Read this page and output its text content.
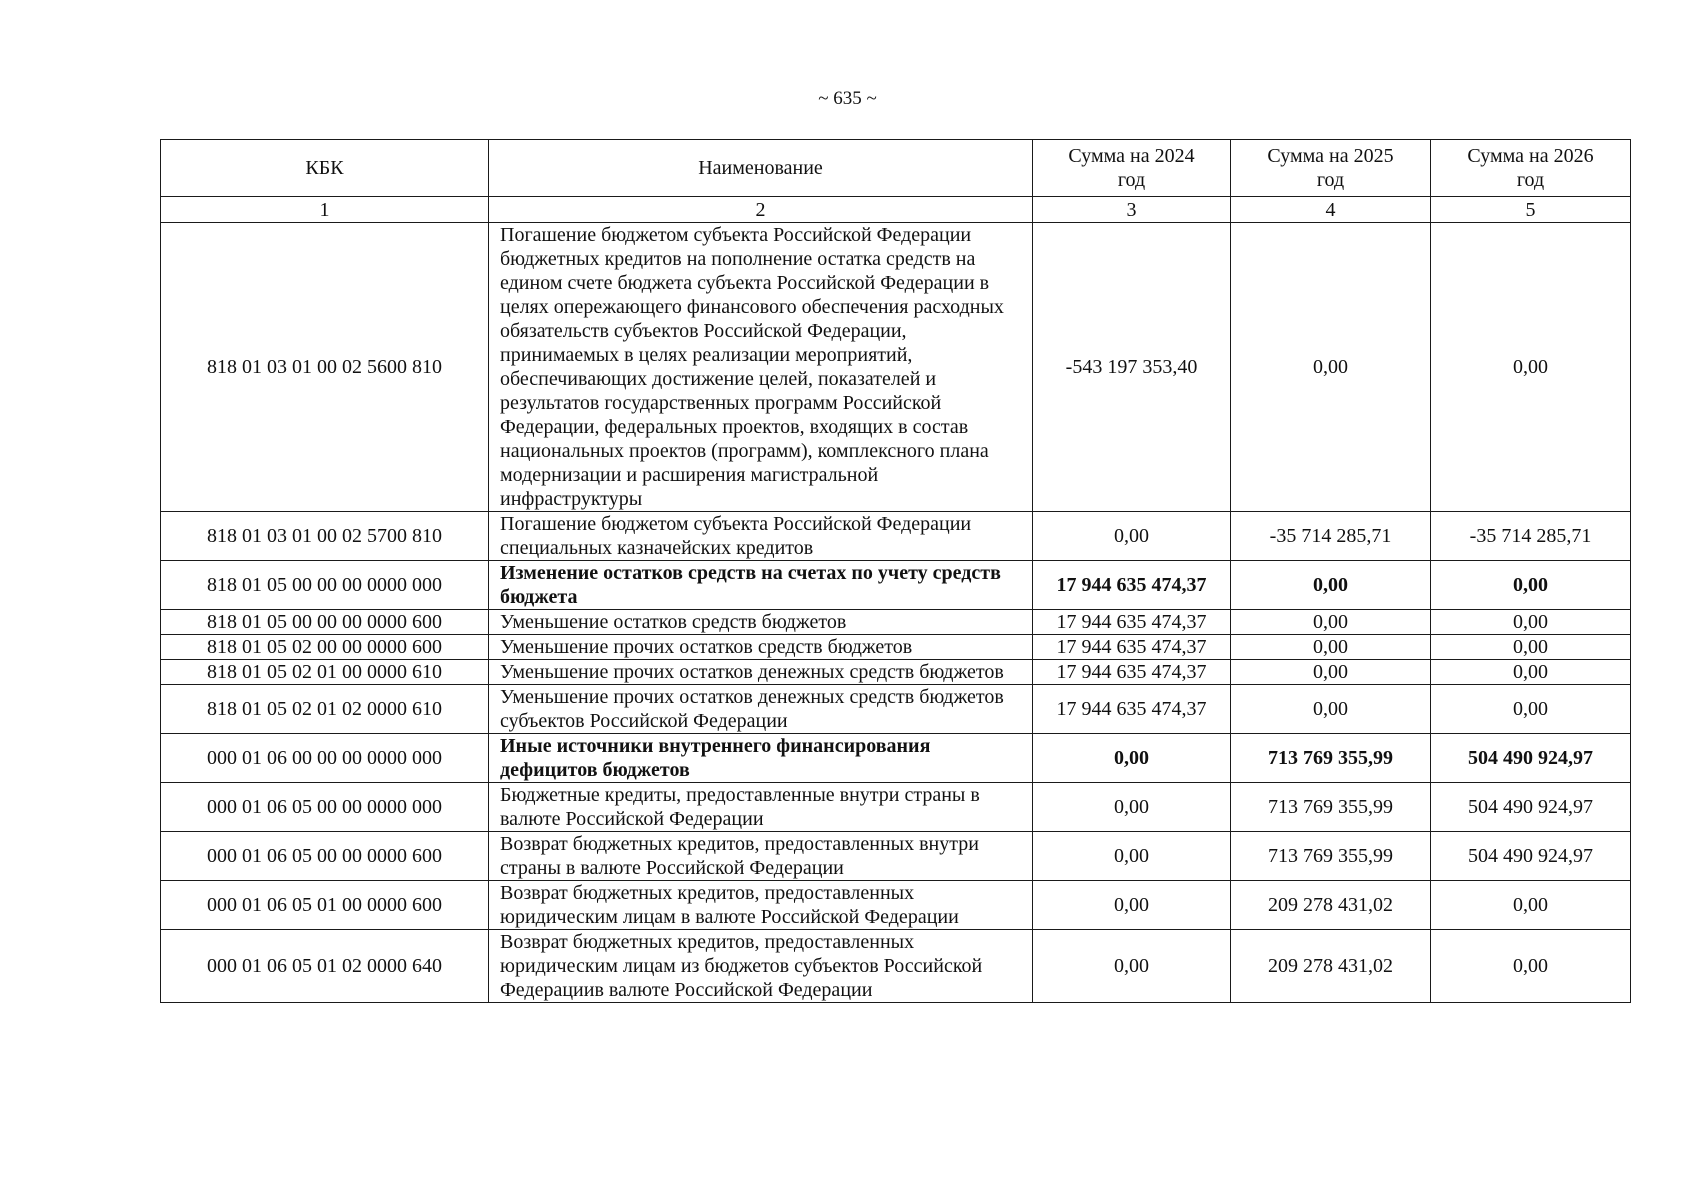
~ 635 ~
КБК	Наименование	Сумма на 2024 год	Сумма на 2025 год	Сумма на 2026 год
1	2	3	4	5
818 01 03 01 00 02 5600 810	Погашение бюджетом субъекта Российской Федерации бюджетных кредитов на пополнение остатка средств на едином счете бюджета субъекта Российской Федерации в целях опережающего финансового обеспечения расходных обязательств субъектов Российской Федерации, принимаемых в целях реализации мероприятий, обеспечивающих достижение целей, показателей и результатов государственных программ Российской Федерации, федеральных проектов, входящих в состав национальных проектов (программ), комплексного плана модернизации и расширения магистральной инфраструктуры	-543 197 353,40	0,00	0,00
818 01 03 01 00 02 5700 810	Погашение бюджетом субъекта Российской Федерации специальных казначейских кредитов	0,00	-35 714 285,71	-35 714 285,71
818 01 05 00 00 00 0000 000	Изменение остатков средств на счетах по учету средств бюджета	17 944 635 474,37	0,00	0,00
818 01 05 00 00 00 0000 600	Уменьшение остатков средств бюджетов	17 944 635 474,37	0,00	0,00
818 01 05 02 00 00 0000 600	Уменьшение прочих остатков средств бюджетов	17 944 635 474,37	0,00	0,00
818 01 05 02 01 00 0000 610	Уменьшение прочих остатков денежных средств бюджетов	17 944 635 474,37	0,00	0,00
818 01 05 02 01 02 0000 610	Уменьшение прочих остатков денежных средств бюджетов субъектов Российской Федерации	17 944 635 474,37	0,00	0,00
000 01 06 00 00 00 0000 000	Иные источники внутреннего финансирования дефицитов бюджетов	0,00	713 769 355,99	504 490 924,97
000 01 06 05 00 00 0000 000	Бюджетные кредиты, предоставленные внутри страны в валюте Российской Федерации	0,00	713 769 355,99	504 490 924,97
000 01 06 05 00 00 0000 600	Возврат бюджетных кредитов, предоставленных внутри страны в валюте Российской Федерации	0,00	713 769 355,99	504 490 924,97
000 01 06 05 01 00 0000 600	Возврат бюджетных кредитов, предоставленных юридическим лицам в валюте Российской Федерации	0,00	209 278 431,02	0,00
000 01 06 05 01 02 0000 640	Возврат бюджетных кредитов, предоставленных юридическим лицам из бюджетов субъектов Российской Федерациив валюте Российской Федерации	0,00	209 278 431,02	0,00
